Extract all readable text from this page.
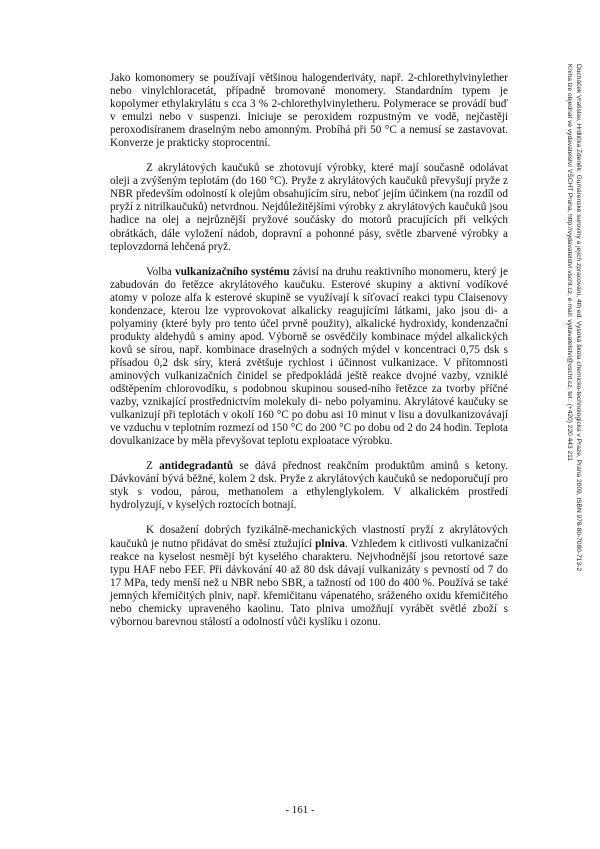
Jako komonomery se používají většinou halogenderiváty, např. 2-chlorethylvinylether nebo vinylchloracetát, případně bromované monomery. Standardním typem je kopolymer ethylakrylátu s cca 3 % 2-chlorethylvinyletheru. Polymerace se provádí buď v emulzi nebo v suspenzi. Iniciuje se peroxidem rozpustným ve vodě, nejčastěji peroxodisíranem draselným nebo amonným. Probíhá při 50 °C a nemusí se zastavovat. Konverze je prakticky stoprocentní.

Z akrylátových kaučuků se zhotovují výrobky, které mají současně odolávat oleji a zvýšeným teplotám (do 160 °C). Pryže z akrylátových kaučuků převyšují pryže z NBR především odolností k olejům obsahujícím síru, neboť jejím účinkem (na rozdíl od pryží z nitrilkaučuků) netvrdnou. Nejdůležitějšími výrobky z akrylátových kaučuků jsou hadice na olej a nejrůznější pryžové součásky do motorů pracujících při velkých obrátkách, dále vyložení nádob, dopravní a pohonné pásy, světle zbarvené výrobky a teplovzdorná lehčená pryž.

Volba vulkanizačního systému závisí na druhu reaktivního monomeru, který je zabudován do řetězce akrylátového kaučuku. Esterové skupiny a aktivní vodíkové atomy v poloze alfa k esterové skupině se využívají k síťovací reakci typu Claisenovy kondenzace, kterou lze vyprovokovat alkalicky reagujícími látkami, jako jsou di- a polyaminy (které byly pro tento účel prvně použity), alkalické hydroxidy, kondenzační produkty aldehydů s aminy apod. Výborně se osvědčily kombinace mýdel alkalických kovů se sírou, např. kombinace draselných a sodných mýdel v koncentraci 0,75 dsk s přísadou 0,2 dsk síry, která zvětšuje rychlost i účinnost vulkanizace. V přítomnosti aminových vulkanizačních činidel se předpokládá ještě reakce dvojné vazby, vzniklé odštěpením chlorovodíku, s podobnou skupinou soused-ního řetězce za tvorby příčné vazby, vznikající prostřednictvím molekuly di- nebo polyaminu. Akrylátové kaučuky se vulkanizují při teplotách v okolí 160 °C po dobu asi 10 minut v lisu a dovulkanizovávají ve vzduchu v teplotním rozmezí od 150 °C do 200 °C po dobu od 2 do 24 hodin. Teplota dovulkanizace by měla převyšovat teplotu exploatace výrobku.

Z antidegradantů se dává přednost reakčním produktům aminů s ketony. Dávkování bývá běžné, kolem 2 dsk. Pryže z akrylátových kaučuků se nedoporučují pro styk s vodou, párou, methanolem a ethylenglykolem. V alkalickém prostředí hydrolyzují, v kyselých roztocích botnají.

K dosažení dobrých fyzikálně-mechanických vlastností pryží z akrylátových kaučuků je nutno přidávat do směsí ztužující plniva. Vzhledem k citlivosti vulkanizační reakce na kyselost nesmějí být kyselého charakteru. Nejvhodnější jsou retortové saze typu HAF nebo FEF. Při dávkování 40 až 80 dsk dávají vulkanizáty s pevností od 7 do 17 MPa, tedy menší než u NBR nebo SBR, a tažností od 100 do 400 %. Používá se také jemných křemičitých plniv, např. křemičitanu vápenatého, sráženého oxidu křemičitého nebo chemicky upraveného kaolinu. Tato plniva umožňují vyrábět světlé zboží s výbornou barevnou stálostí a odolností vůči kyslíku i ozonu.

Ducháček Vratislav, Hrdlička Zdeněk: Gumárenské suroviny a jejich zpracování, 4th ed. Vysoká škola chemicko-technologická v Praze, Praha 2009, ISBN 978-80-7080-713-2
Kniha lze objednat ve vydavatelství VŠCHT Praha, http://vydavatelstvi.vscht.cz, e-mail: vydavatelstvi@vscht.cz, tel.: (+420) 220 443 211
- 161 -
